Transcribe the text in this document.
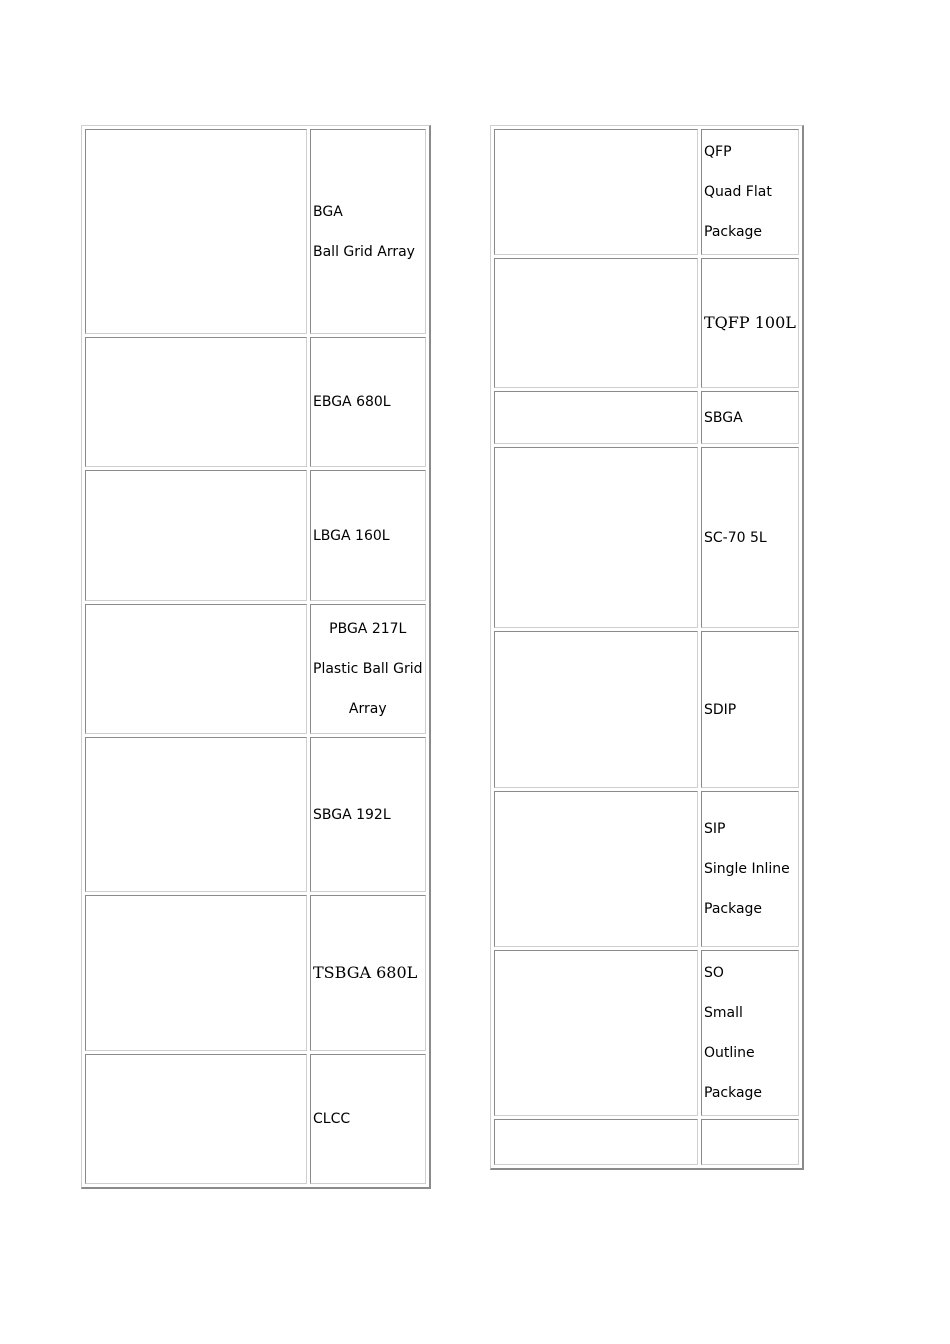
	BGA
Ball Grid Array

	EBGA 680L

	LBGA 160L

	PBGA 217L
Plastic Ball Grid
Array

	SBGA 192L

	TSBGA 680L

	CLCC

	QFP
Quad Flat
Package

	TQFP 100L

	SBGA

	SC-70 5L

	SDIP

	SIP
Single Inline
Package

	SO
Small
Outline
Package
